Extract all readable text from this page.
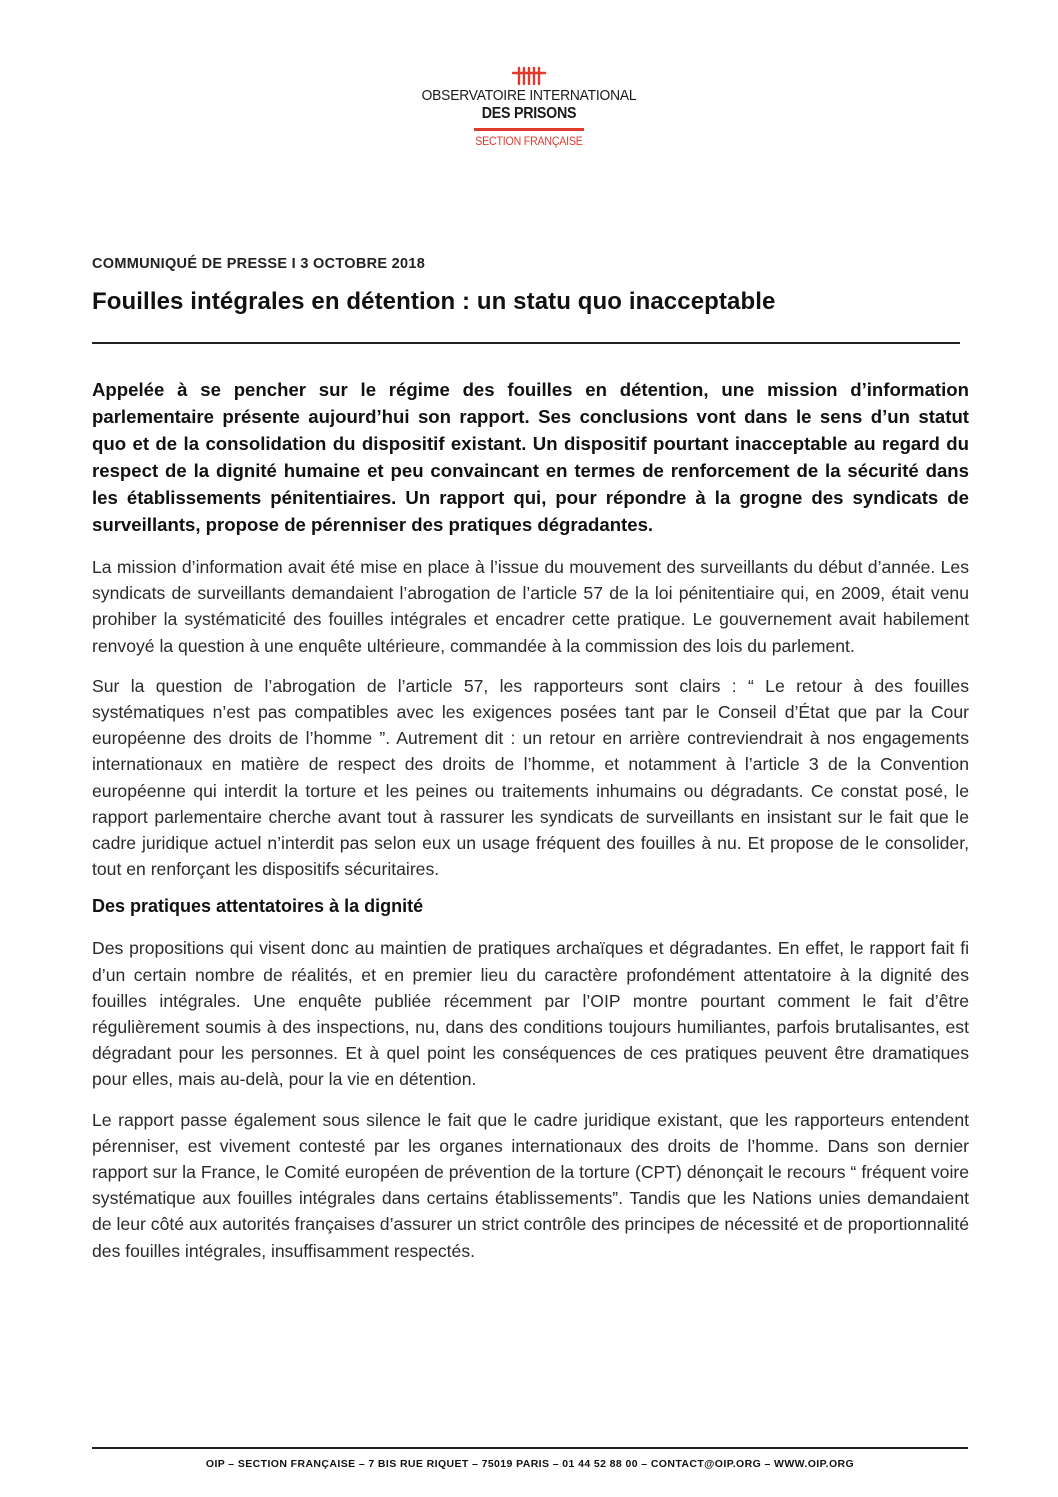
OBSERVATOIRE INTERNATIONAL
DES PRISONS
SECTION FRANÇAISE
COMMUNIQUÉ DE PRESSE I 3 OCTOBRE 2018
Fouilles intégrales en détention : un statu quo inacceptable

Appelée à se pencher sur le régime des fouilles en détention, une mission d’information parlementaire présente aujourd’hui son rapport. Ses conclusions vont dans le sens d’un statut quo et de la consolidation du dispositif existant. Un dispositif pourtant inacceptable au regard du respect de la dignité humaine et peu convaincant en termes de renforcement de la sécurité dans les établissements pénitentiaires. Un rapport qui, pour répondre à la grogne des syndicats de surveillants, propose de pérenniser des pratiques dégradantes.

La mission d’information avait été mise en place à l’issue du mouvement des surveillants du début d’année. Les syndicats de surveillants demandaient l’abrogation de l’article 57 de la loi pénitentiaire qui, en 2009, était venu prohiber la systématicité des fouilles intégrales et encadrer cette pratique. Le gouvernement avait habilement renvoyé la question à une enquête ultérieure, commandée à la commission des lois du parlement.

Sur la question de l’abrogation de l’article 57, les rapporteurs sont clairs : “ Le retour à des fouilles systématiques n’est pas compatibles avec les exigences posées tant par le Conseil d’État que par la Cour européenne des droits de l’homme ”. Autrement dit : un retour en arrière contreviendrait à nos engagements internationaux en matière de respect des droits de l’homme, et notamment à l’article 3 de la Convention européenne qui interdit la torture et les peines ou traitements inhumains ou dégradants. Ce constat posé, le rapport parlementaire cherche avant tout à rassurer les syndicats de surveillants en insistant sur le fait que le cadre juridique actuel n’interdit pas selon eux un usage fréquent des fouilles à nu. Et propose de le consolider, tout en renforçant les dispositifs sécuritaires.

Des pratiques attentatoires à la dignité

Des propositions qui visent donc au maintien de pratiques archaïques et dégradantes. En effet, le rapport fait fi d’un certain nombre de réalités, et en premier lieu du caractère profondément attentatoire à la dignité des fouilles intégrales. Une enquête publiée récemment par l’OIP montre pourtant comment le fait d’être régulièrement soumis à des inspections, nu, dans des conditions toujours humiliantes, parfois brutalisantes, est dégradant pour les personnes. Et à quel point les conséquences de ces pratiques peuvent être dramatiques pour elles, mais au-delà, pour la vie en détention.

Le rapport passe également sous silence le fait que le cadre juridique existant, que les rapporteurs entendent pérenniser, est vivement contesté par les organes internationaux des droits de l’homme. Dans son dernier rapport sur la France, le Comité européen de prévention de la torture (CPT) dénonçait le recours “ fréquent voire systématique aux fouilles intégrales dans certains établissements”. Tandis que les Nations unies demandaient de leur côté aux autorités françaises d’assurer un strict contrôle des principes de nécessité et de proportionnalité des fouilles intégrales, insuffisamment respectés.

OIP – SECTION FRANÇAISE – 7 BIS RUE RIQUET – 75019 PARIS – 01 44 52 88 00 – CONTACT@OIP.ORG – WWW.OIP.ORG
